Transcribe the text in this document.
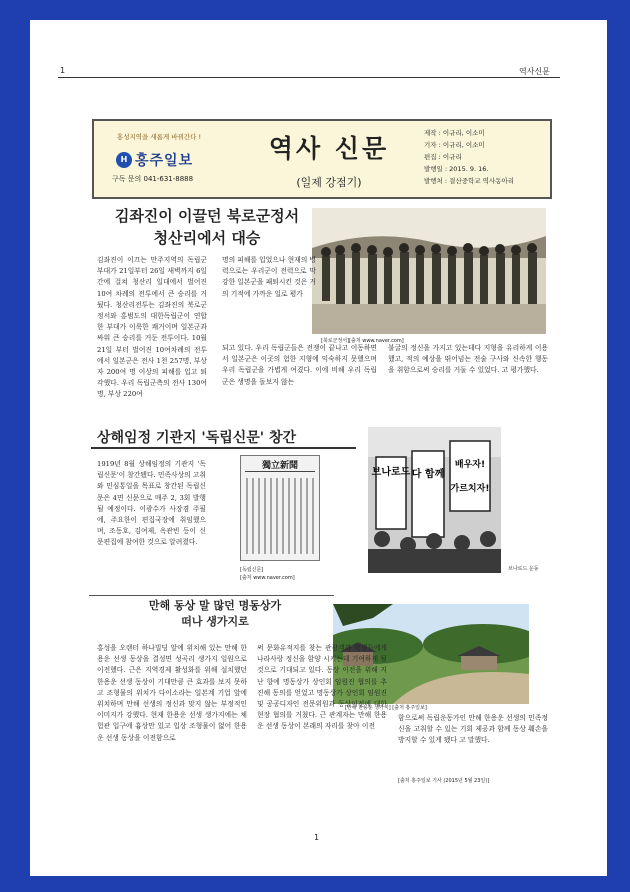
1	역사신문
홍성지역을 새롭게 바꿔간다 !
H 홍주일보
구독 문의 041-631-8888
역사 신문
(일제 강점기)
제작 : 이규리, 이소미
기자 : 이규리, 이소미
편집 : 이규리
발행일 : 2015. 9. 16.
발행처 : 결산중학교 역사동아리
김좌진이 이끌던 북로군정서
청산리에서 대승
[북로군정서][출처 www.naver.com]

김좌진이 이끄는 만주지역의 독립군 부대가 21일부터 26일 새벽까지 6일간에 걸쳐 청산리 일대에서 벌어진 10여 차례의 전투에서 큰 승리를 거뒀다. 청산리전투는 김좌진의 북로군정서와 홍범도의 대한독립군이 연합한 부대가 이룩한 쾌거이며 일본군과 싸워 큰 승리를 거둔 전투이다. 10월 21일 부터 벌어진 10여차례의 전투에서 일본군은 전사 1천 257명, 부상자 200여 명 이상의 피해를 입고 퇴각했다. 우리 독립군측의 전사 130여 명, 부상 220여

명의 피해를 입었으나 현재의 병력으로는 우리군이 전력으로 막강한 일본군을 패퇴시킨 것은 거의 기적에 가까운 일로 평가

되고 있다. 우리 독립군들은 전쟁이 끝나고 이동하면서 일본군은 이곳의 험한 지형에 익숙하지 못했으며 우리 독립군을 가볍게 여겼다. 이에 비해 우리 독립군은 생명을 돌보지 않는

불굴의 정신을 가지고 있는데다 지형을 유리하게 이용했고, 적의 예상을 뛰어넘는 전술 구사와 신속한 행동을 취함으로써 승리를 거둘 수 있었다. 고 평가했다.

상해임정 기관지 '독립신문' 창간

1919년 8월 상해임정의 기관지 '독립신문'이 창간됐다. 민족사상의 고취와 민심통일을 목표로 창간된 독립신문은 4면 신문으로 매주 2, 3회 발행될 예정이다. 이광수가 사장겸 주필에, 주요한이 편집국장에 취임했으며, 조동호, 김여제, 옥관빈 등이 신문편집에 참여한 것으로 알려졌다.

獨立新聞
[독립신문]
[출처 www.naver.com]
브나로드 다 함께
배우자!
가르치자!
브나로드 운동
만해 동상 말 많던 명동상가
떠나 생가지로
[만해 한용운 생가지] [출처 홍주일보]

홍성을 오랜터 하나빌딩 앞에 위치해 있는 만해 한용운 선생 동상을 결성면 성곡리 생가지 일원으로 이전했다. 근은 지역경제 활성화를 위해 설치했던 한용운 선생 동상이 기대만큼 큰 효과를 보지 못하고 조형물의 위치가 다이소라는 일본계 기업 앞에 위치하며 만해 선생의 정신과 맞지 않는 부정적인 이미지가 강했다. 현재 한용운 선생 생가지에는 체험관 입구에 흉상만 있고 입상 조형물이 없어 한용운 선생 동상을 이전함으로

써 문화유적지를 찾는 관광객과 학생들에게 나라사랑 정신을 함양 시키는데 기여하게 될 것으로 기대되고 있다. 동상 이전을 위해 지난 향에 명동상가 상인회 임원진 협의를 추진해 동의를 얻었고 명동상가 상인회 임원진 및 공공디자인 전문위원과 동상이전에 대한 현장 협의를 거쳤다. 근 관계자는 만해 한용운 선생 동상이 본래의 자리를 찾아 이전

함으로써 독립운동가인 만해 한용운 선생의 민족정신을 고취할 수 있는 기회 제공과 함께 동상 훼손을 방지할 수 있게 됐다 고 말했다.

[출처 홍주일보 기사 (2015년 5월 23일)]
1
